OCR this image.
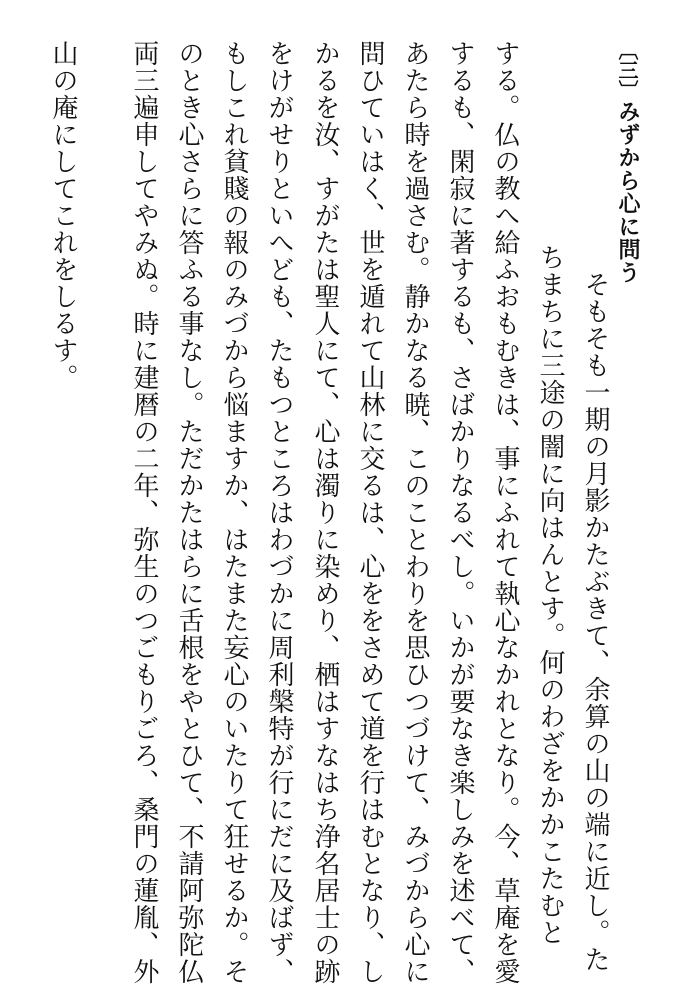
〔三〕みずから心に問う
　そもそも一期の月影かたぶきて、余算の山の端に近し。た
ちまちに三途の闇に向はんとす。何のわざをかかこたむと
する。仏の教へ給ふおもむきは、事にふれて執心なかれとなり。今、草庵を愛
するも、閑寂に著するも、さばかりなるべし。いかが要なき楽しみを述べて、
あたら時を過さむ。静かなる暁、このことわりを思ひつづけて、みづから心に
問ひていはく、世を遁れて山林に交るは、心ををさめて道を行はむとなり、し
かるを汝、すがたは聖人にて、心は濁りに染めり、栖はすなはち浄名居士の跡
をけがせりといへども、たもつところはわづかに周利槃特が行にだに及ばず、
もしこれ貧賤の報のみづから悩ますか、はたまた妄心のいたりて狂せるか。そ
のとき心さらに答ふる事なし。ただかたはらに舌根をやとひて、不請阿弥陀仏
両三遍申してやみぬ。時に建暦の二年、弥生のつごもりごろ、桑門の蓮胤、外
山の庵にしてこれをしるす。
